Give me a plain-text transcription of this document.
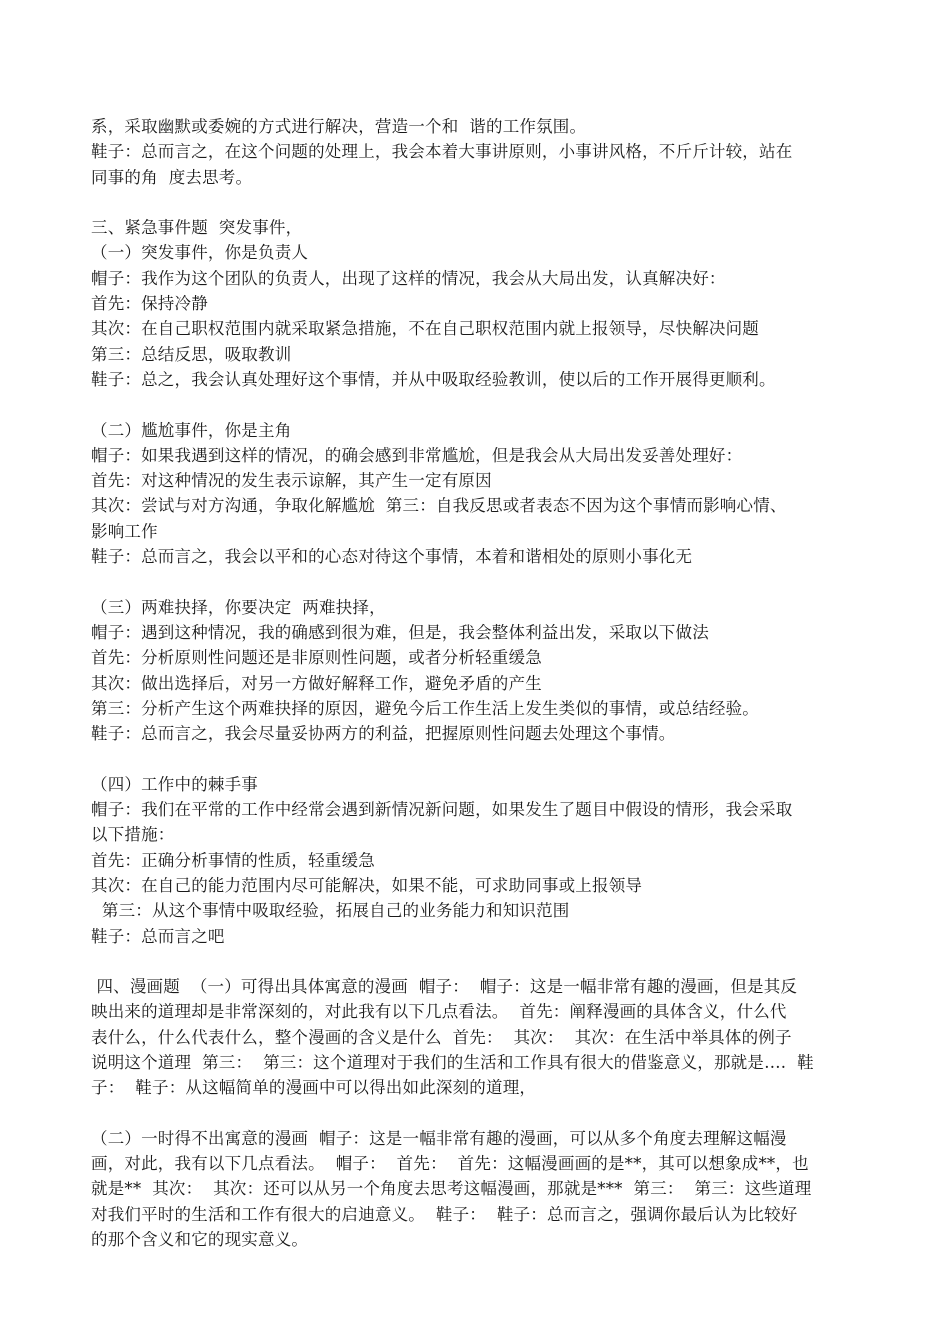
系，采取幽默或委婉的方式进行解决，营造一个和  谐的工作氛围。
鞋子：总而言之，在这个问题的处理上，我会本着大事讲原则，小事讲风格，不斤斤计较，站在
同事的角  度去思考。
三、紧急事件题  突发事件，
（一）突发事件，你是负责人
帽子：我作为这个团队的负责人，出现了这样的情况，我会从大局出发，认真解决好：
首先：保持冷静
其次：在自己职权范围内就采取紧急措施，不在自己职权范围内就上报领导，尽快解决问题
第三：总结反思，吸取教训
鞋子：总之，我会认真处理好这个事情，并从中吸取经验教训，使以后的工作开展得更顺利。
（二）尴尬事件，你是主角
帽子：如果我遇到这样的情况，的确会感到非常尴尬，但是我会从大局出发妥善处理好：
首先：对这种情况的发生表示谅解，其产生一定有原因
其次：尝试与对方沟通，争取化解尴尬  第三：自我反思或者表态不因为这个事情而影响心情、
影响工作
鞋子：总而言之，我会以平和的心态对待这个事情，本着和谐相处的原则小事化无
（三）两难抉择，你要决定  两难抉择，
帽子：遇到这种情况，我的确感到很为难，但是，我会整体利益出发，采取以下做法
首先：分析原则性问题还是非原则性问题，或者分析轻重缓急
其次：做出选择后，对另一方做好解释工作，避免矛盾的产生
第三：分析产生这个两难抉择的原因，避免今后工作生活上发生类似的事情，或总结经验。
鞋子：总而言之，我会尽量妥协两方的利益，把握原则性问题去处理这个事情。
（四）工作中的棘手事
帽子：我们在平常的工作中经常会遇到新情况新问题，如果发生了题目中假设的情形，我会采取
以下措施：
首先：正确分析事情的性质，轻重缓急
其次：在自己的能力范围内尽可能解决，如果不能，可求助同事或上报领导
第三：从这个事情中吸取经验，拓展自己的业务能力和知识范围
鞋子：总而言之吧
四、漫画题  （一）可得出具体寓意的漫画  帽子：  帽子：这是一幅非常有趣的漫画，但是其反
映出来的道理却是非常深刻的，对此我有以下几点看法。  首先：阐释漫画的具体含义，什么代
表什么，什么代表什么，整个漫画的含义是什么  首先：  其次：  其次：在生活中举具体的例子
说明这个道理  第三：  第三：这个道理对于我们的生活和工作具有很大的借鉴意义，那就是….  鞋
子：  鞋子：从这幅简单的漫画中可以得出如此深刻的道理，
（二）一时得不出寓意的漫画  帽子：这是一幅非常有趣的漫画，可以从多个角度去理解这幅漫
画，对此，我有以下几点看法。  帽子：  首先：  首先：这幅漫画画的是**，其可以想象成**，也
就是**  其次：  其次：还可以从另一个角度去思考这幅漫画，那就是***  第三：  第三：这些道理
对我们平时的生活和工作有很大的启迪意义。  鞋子：  鞋子：总而言之，强调你最后认为比较好
的那个含义和它的现实意义。
